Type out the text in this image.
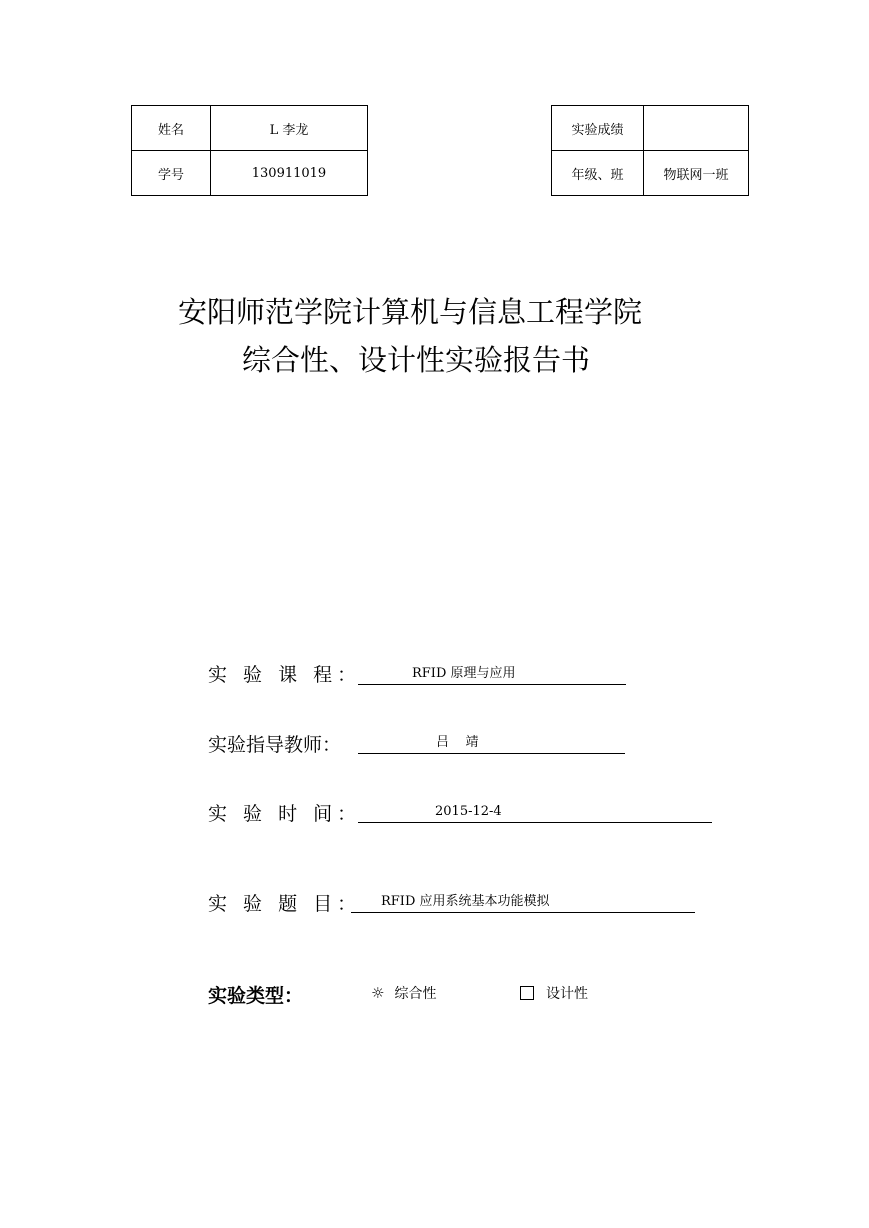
姓名	L 李龙
学号	130911019
实验成绩	
年级、班	物联网一班
安阳师范学院计算机与信息工程学院
综合性、设计性实验报告书
实 验 课 程：	RFID 原理与应用
实验指导教师：	吕    靖
实 验 时 间：	2015-12-4
实 验 题 目： RFID 应用系统基本功能模拟
实验类型：	☼ 综合性	设计性
